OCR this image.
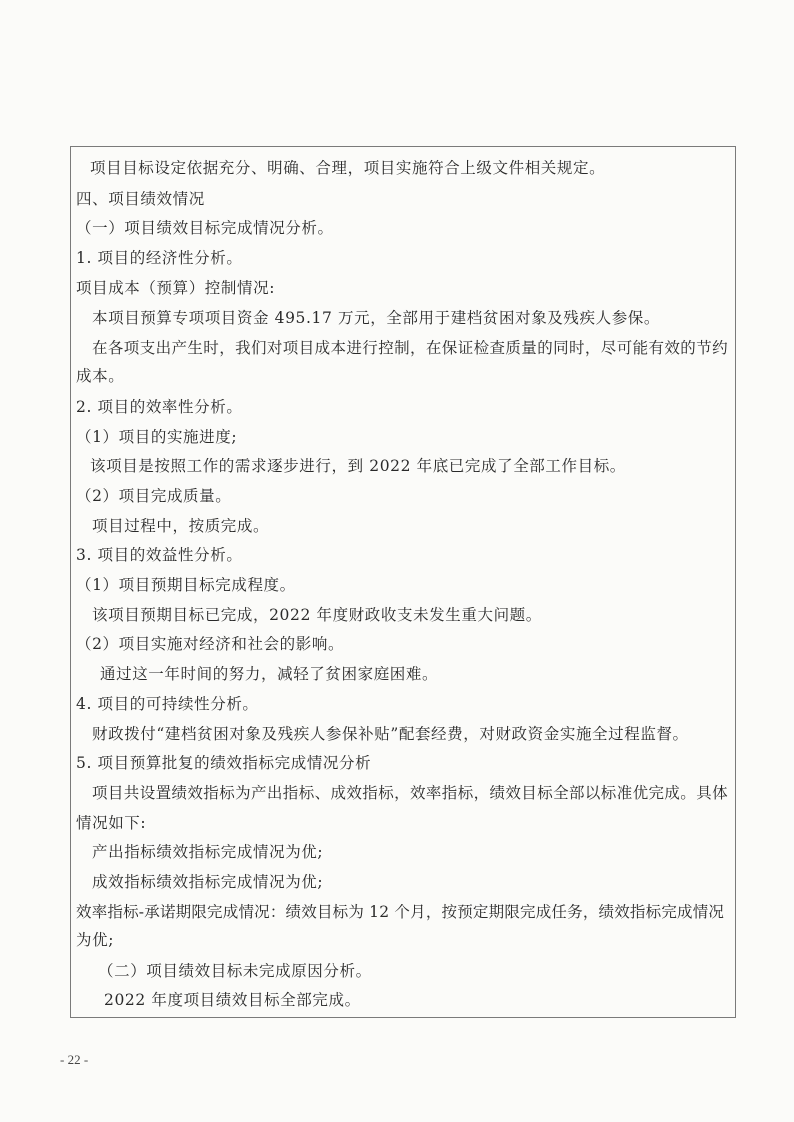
项目目标设定依据充分、明确、合理，项目实施符合上级文件相关规定。
四、项目绩效情况
（一）项目绩效目标完成情况分析。
1. 项目的经济性分析。
项目成本（预算）控制情况:
本项目预算专项项目资金 495.17 万元，全部用于建档贫困对象及残疾人参保。
在各项支出产生时，我们对项目成本进行控制，在保证检查质量的同时，尽可能有效的节约
成本。
2. 项目的效率性分析。
（1）项目的实施进度;
该项目是按照工作的需求逐步进行，到 2022 年底已完成了全部工作目标。
（2）项目完成质量。
项目过程中，按质完成。
3. 项目的效益性分析。
（1）项目预期目标完成程度。
该项目预期目标已完成，2022 年度财政收支未发生重大问题。
（2）项目实施对经济和社会的影响。
通过这一年时间的努力，减轻了贫困家庭困难。
4. 项目的可持续性分析。
财政拨付“建档贫困对象及残疾人参保补贴”配套经费，对财政资金实施全过程监督。
5. 项目预算批复的绩效指标完成情况分析
项目共设置绩效指标为产出指标、成效指标，效率指标，绩效目标全部以标准优完成。具体
情况如下:
产出指标绩效指标完成情况为优;
成效指标绩效指标完成情况为优;
效率指标-承诺期限完成情况：绩效目标为 12 个月，按预定期限完成任务，绩效指标完成情况
为优;
（二）项目绩效目标未完成原因分析。
2022 年度项目绩效目标全部完成。
- 22 -
